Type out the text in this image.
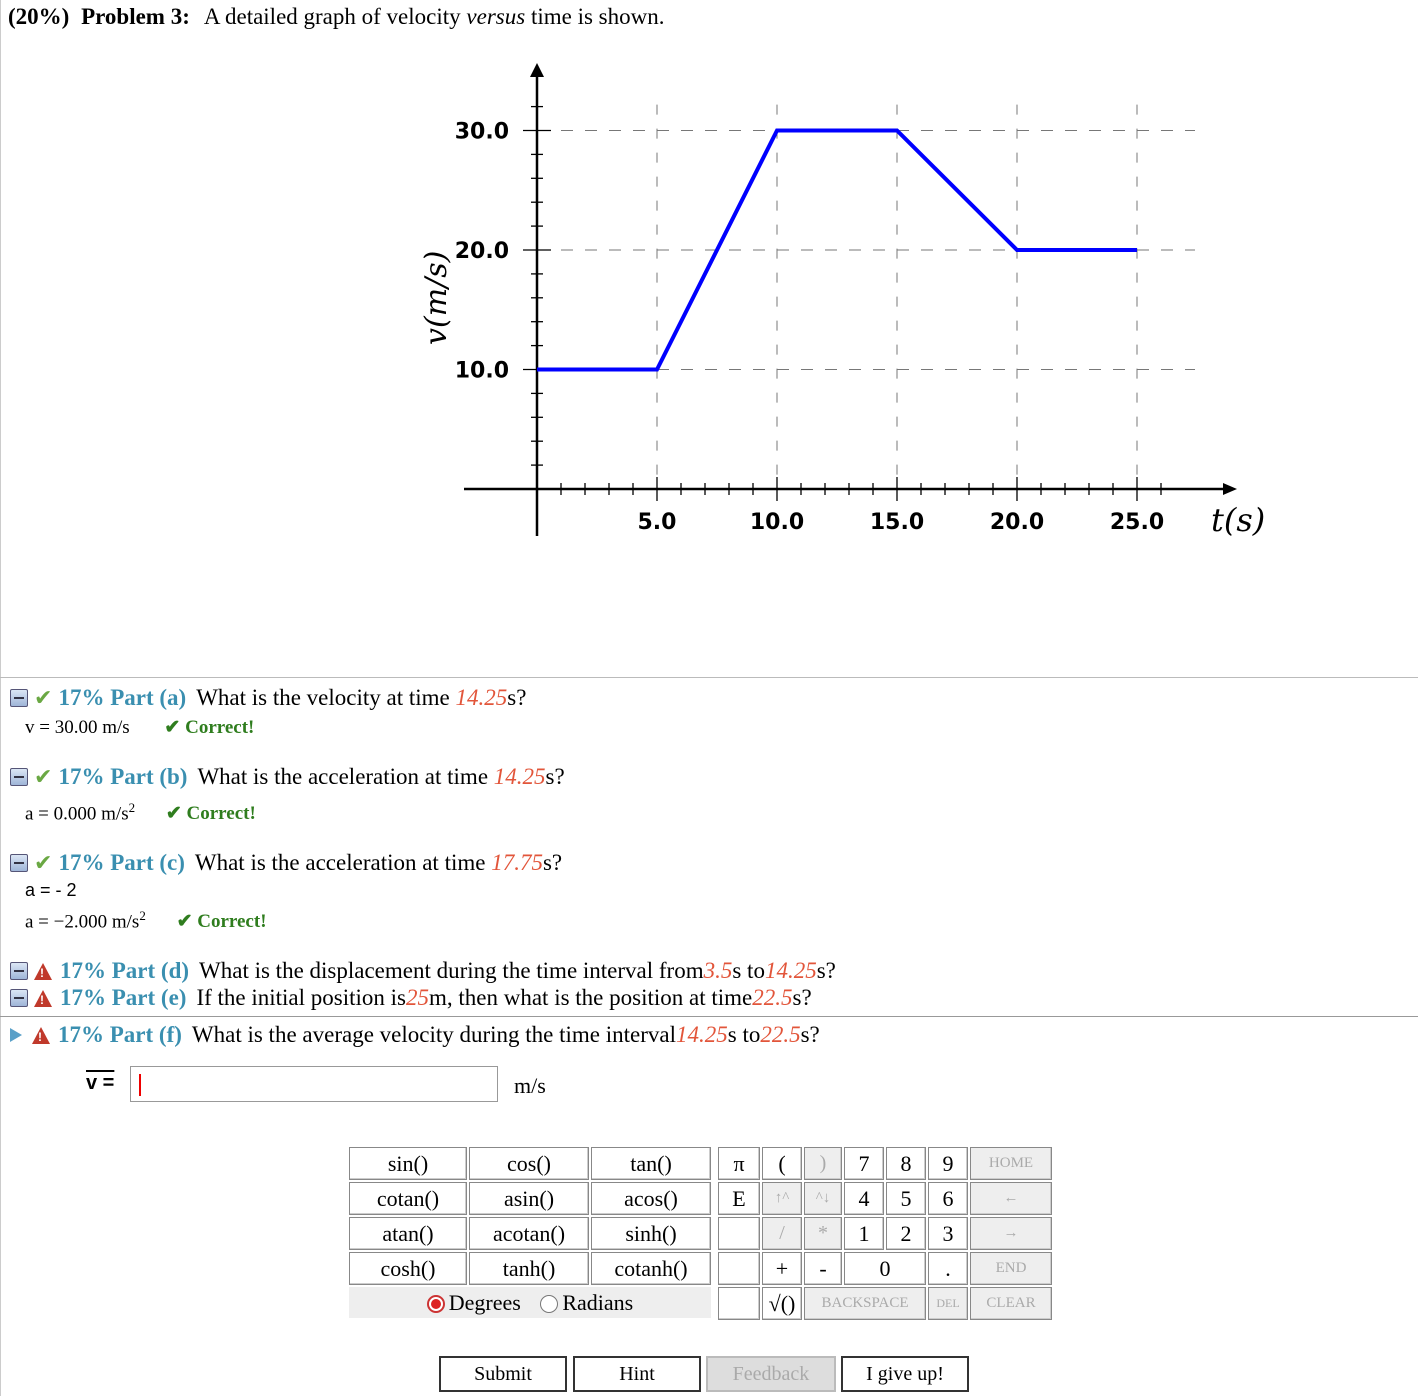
(20%) Problem 3: A detailed graph of velocity versus time is shown.
5.0	10.0	15.0	20.0	25.0
10.0
20.0
30.0
t(s)
v(m/s)
✔ 17% Part (a) What is the velocity at time
14.25 s?
v = 30.00 m/s ✔ Correct!
✔ 17% Part (b) What is the acceleration at time
14.25 s?
a = 0.000 $m/s^2$ ✔ Correct!
✔ 17% Part (c) What is the acceleration at time
17.75 s?
a = - 2
a = −2.000 $m/s^2$ ✔ Correct!
! 17% Part (d) What is the displacement during the time interval from 3.5 s to 14.25 s?
! 17% Part (e) If the initial position is 25 m, then what is the position at time 22.5 s?
! 17% Part (f) What is the average velocity during the time interval 14.25 s to 22.5 s?
v =	m/s
sin()	cos()	tan()
cotan()	asin()	acos()
atan()	acotan()	sinh()
cosh()	tanh()	cotanh()
Degrees Radians		
π	(	)	7	8	9	HOME
E	↑^	^↓	4	5	6	←
	/	*	1	2	3	→
	+	-	0		.	END
	√()	BACKSPACE			DEL	CLEAR
Submit	Hint	Feedback	I give up!
